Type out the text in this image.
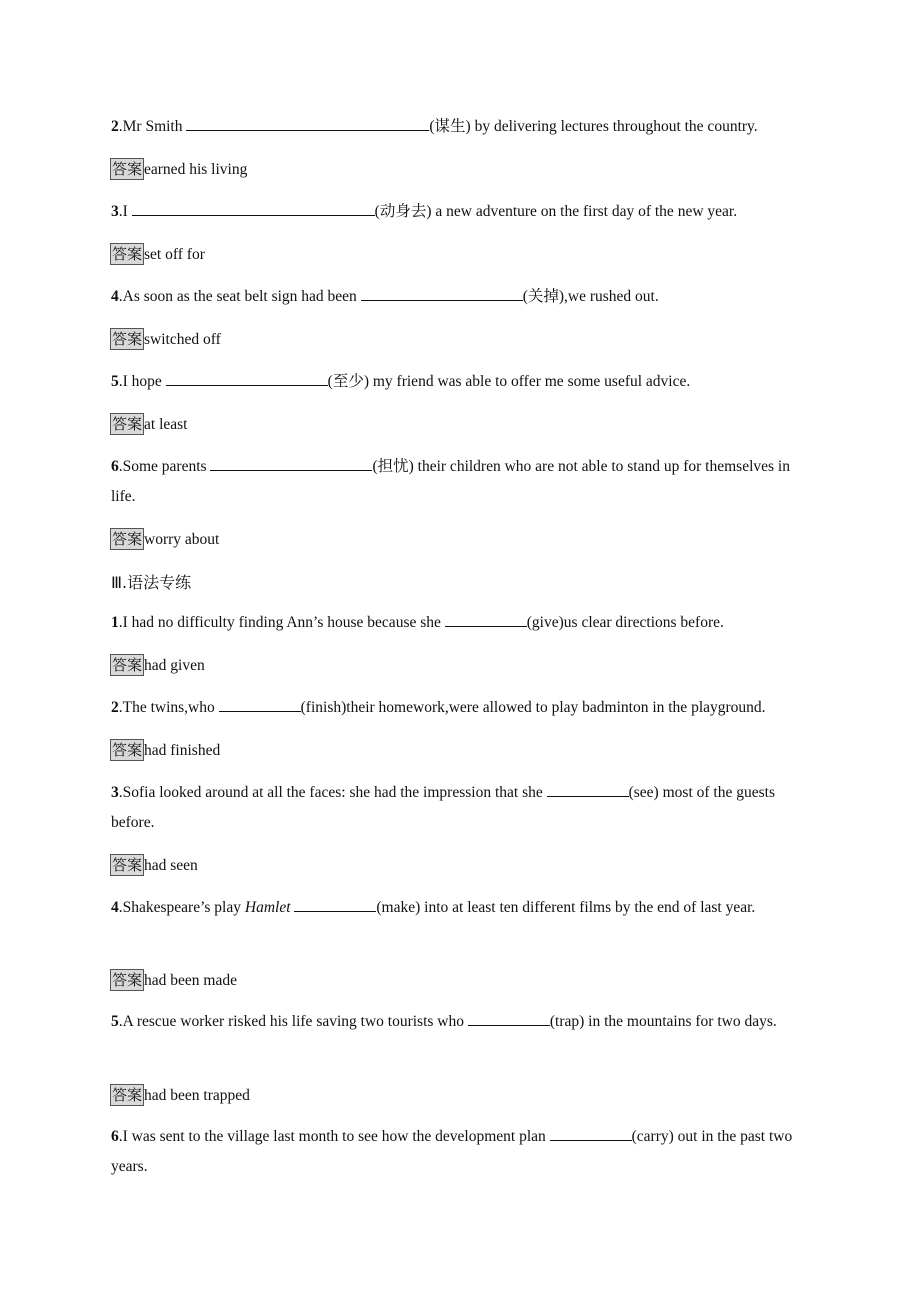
2.Mr Smith	(谋生) by delivering lectures throughout the country.
答案 earned his living
3.I	(动身去) a new adventure on the first day of the new year.
答案 set off for
4.As soon as the seat belt sign had been	(关掉),we rushed out.
答案 switched off
5.I hope	(至少) my friend was able to offer me some useful advice.
答案 at least
6.Some parents	(担忧) their children who are not able to stand up for themselves in life.
答案 worry about
Ⅲ.语法专练
1.I had no difficulty finding Ann’s house because she	(give)us clear directions before.
答案 had given
2.The twins,who	(finish)their homework,were allowed to play badminton in the playground.
答案 had finished
3.Sofia looked around at all the faces: she had the impression that she	(see) most of the guests before.
答案 had seen
4.Shakespeare’s play Hamlet	(make) into at least ten different films by the end of last year.
答案 had been made
5.A rescue worker risked his life saving two tourists who	(trap) in the mountains for two days.
答案 had been trapped
6.I was sent to the village last month to see how the development plan	(carry) out in the past two years.
